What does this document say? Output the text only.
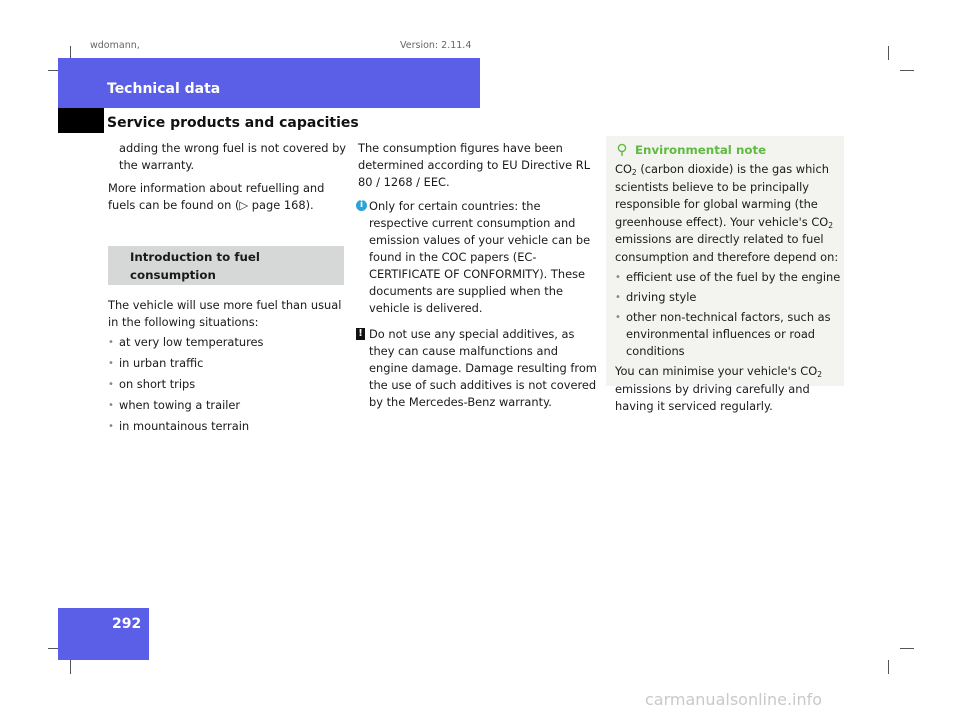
wdomann,	Version: 2.11.4
Technical data
Service products and capacities
292

adding the wrong fuel is not covered by the warranty.

More information about refuelling and fuels can be found on (▷ page 168).

Introduction to fuel consumption

The vehicle will use more fuel than usual in the following situations:

• at very low temperatures
• in urban traffic
• on short trips
• when towing a trailer
• in mountainous terrain

The consumption figures have been determined according to EU Directive RL 80 / 1268 / EEC.

i Only for certain countries: the respective current consumption and emission values of your vehicle can be found in the COC papers (EC-CERTIFICATE OF CONFORMITY). These documents are supplied when the vehicle is delivered.
! Do not use any special additives, as they can cause malfunctions and engine damage. Damage resulting from the use of such additives is not covered by the Mercedes-Benz warranty.
Environmental note

$CO_2$ (carbon dioxide) is the gas which scientists believe to be principally responsible for global warming (the greenhouse effect). Your vehicle's $CO_2$ emissions are directly related to fuel consumption and therefore depend on:

• efficient use of the fuel by the engine
• driving style
• other non-technical factors, such as environmental influences or road conditions

You can minimise your vehicle's $CO_2$ emissions by driving carefully and having it serviced regularly.

carmanualsonline.info
